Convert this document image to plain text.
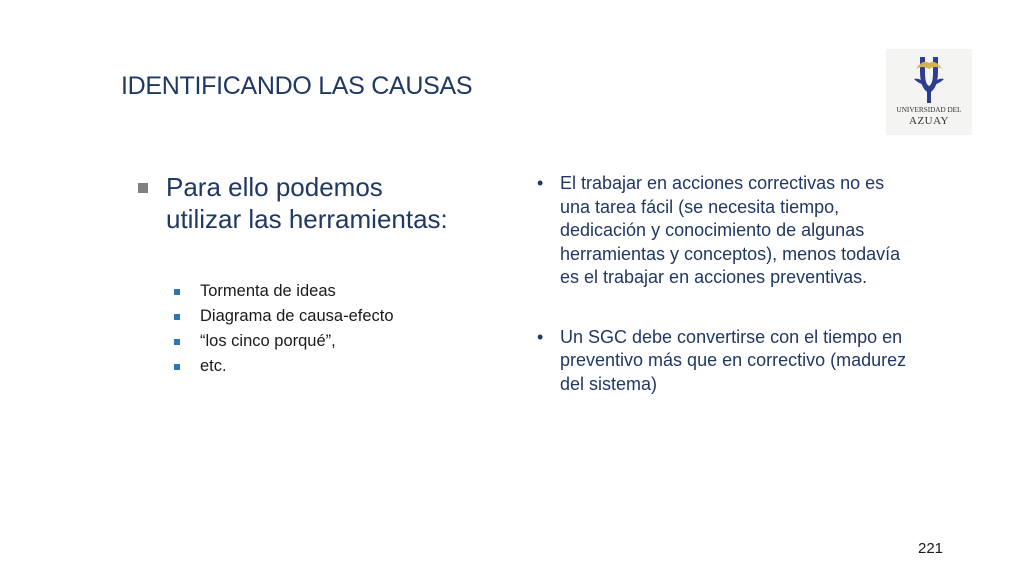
IDENTIFICANDO LAS CAUSAS
UNIVERSIDAD DEL
AZUAY
Para ello podemos utilizar las herramientas:
Tormenta de ideas
Diagrama de causa-efecto
“los cinco porqué”,
etc.
• El trabajar en acciones correctivas no es una tarea fácil (se necesita tiempo, dedicación y conocimiento de algunas herramientas y conceptos), menos todavía es el trabajar en acciones preventivas.
• Un SGC debe convertirse con el tiempo en preventivo más que en correctivo (madurez del sistema)
221
